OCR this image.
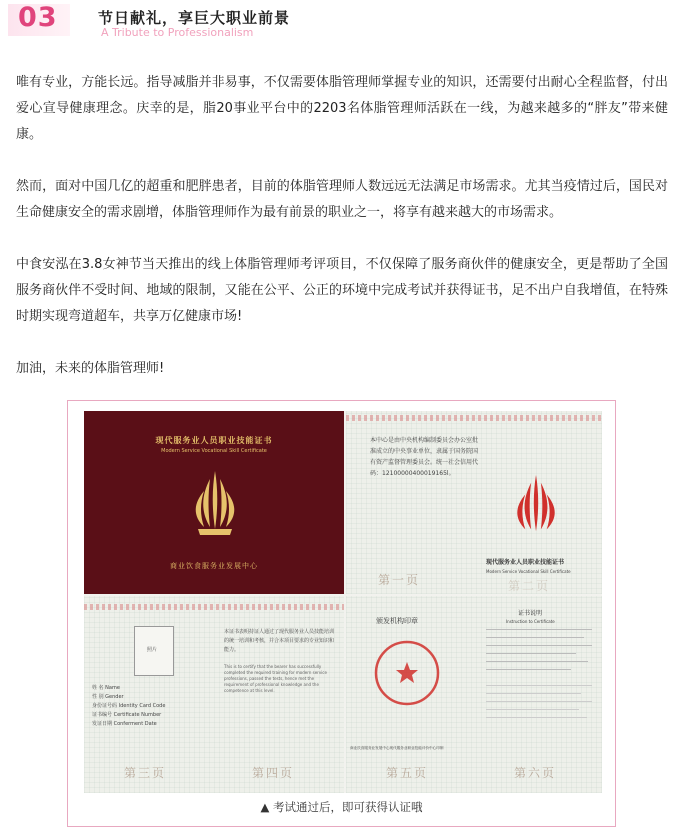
03	节日献礼，享巨大职业前景
A Tribute to Professionalism

唯有专业，方能长远。指导减脂并非易事，不仅需要体脂管理师掌握专业的知识，还需要付出耐心全程监督，付出爱心宣导健康理念。庆幸的是，脂20事业平台中的2203名体脂管理师活跃在一线，为越来越多的“胖友”带来健康。

然而，面对中国几亿的超重和肥胖患者，目前的体脂管理师人数远远无法满足市场需求。尤其当疫情过后，国民对生命健康安全的需求剧增，体脂管理师作为最有前景的职业之一，将享有越来越大的市场需求。

中食安泓在3.8女神节当天推出的线上体脂管理师考评项目，不仅保障了服务商伙伴的健康安全，更是帮助了全国服务商伙伴不受时间、地域的限制，又能在公平、公正的环境中完成考试并获得证书，足不出户自我增值，在特殊时期实现弯道超车，共享万亿健康市场!

加油，未来的体脂管理师!

现代服务业人员职业技能证书
Modern Service Vocational Skill Certificate
商业饮食服务业发展中心
本中心是由中央机构编制委员会办公室批准成立的中央事业单位，隶属于国务院国有资产监督管理委员会。统一社会信用代码：12100000400019165l。
现代服务业人员职业技能证书
Modern Service Vocational Skill Certificate
第一页	第二页
照片
姓 名 Name
性 别 Gender
身份证号码 Identity Card Code
证书编号 Certificate Number
发证日期 Conferment Date
本证书表明持证人通过了现代服务业人员技能培训的统一培训和考核，并合本项目要求的专业知识和能力。
This is to certify that the bearer has successfully completed the required training for modern service professions, passed the tests, hence met the requirement of professional knowledge and the competence at this level.
第三页	第四页
颁发机构印章
商业饮食服务业发展中心现代服务业职业技能评价中心印制
证书说明
Instruction to Certificate
第五页	第六页
▲ 考试通过后，即可获得认证哦
